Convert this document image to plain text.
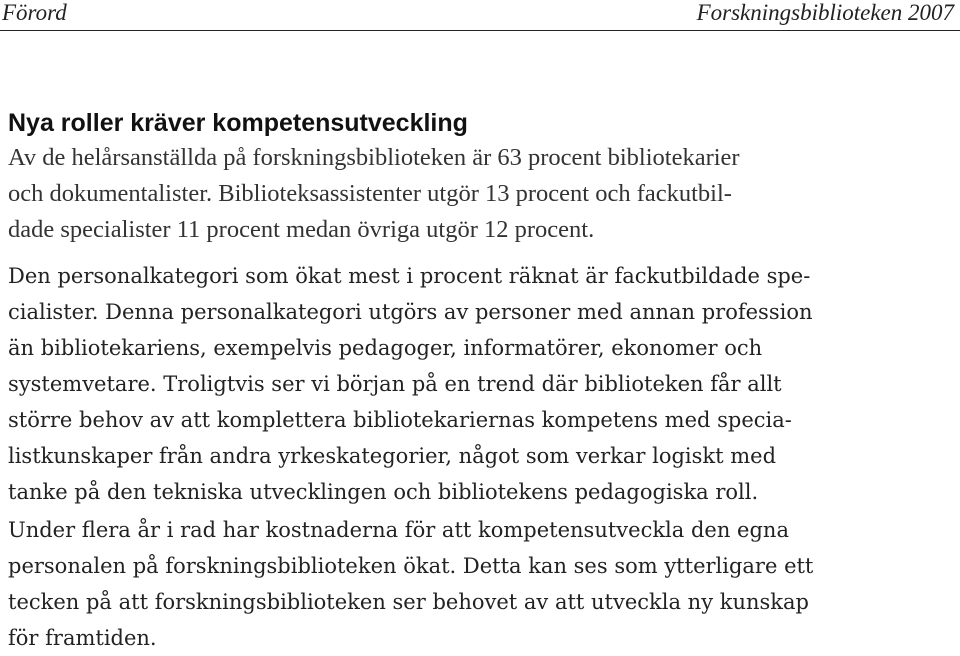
Förord	Forskningsbiblioteken 2007
Nya roller kräver kompetensutveckling

Av de helårsanställda på forskningsbiblioteken är 63 procent bibliotekarier
och dokumentalister. Biblioteksassistenter utgör 13 procent och fackutbil-
dade specialister 11 procent medan övriga utgör 12 procent.

Den personalkategori som ökat mest i procent räknat är fackutbildade spe-
cialister. Denna personalkategori utgörs av personer med annan profession
än bibliotekariens, exempelvis pedagoger, informatörer, ekonomer och
systemvetare. Troligtvis ser vi början på en trend där biblioteken får allt
större behov av att komplettera bibliotekariernas kompetens med specia-
listkunskaper från andra yrkeskategorier, något som verkar logiskt med
tanke på den tekniska utvecklingen och bibliotekens pedagogiska roll.

Under flera år i rad har kostnaderna för att kompetensutveckla den egna
personalen på forskningsbiblioteken ökat. Detta kan ses som ytterligare ett
tecken på att forskningsbiblioteken ser behovet av att utveckla ny kunskap
för framtiden.
